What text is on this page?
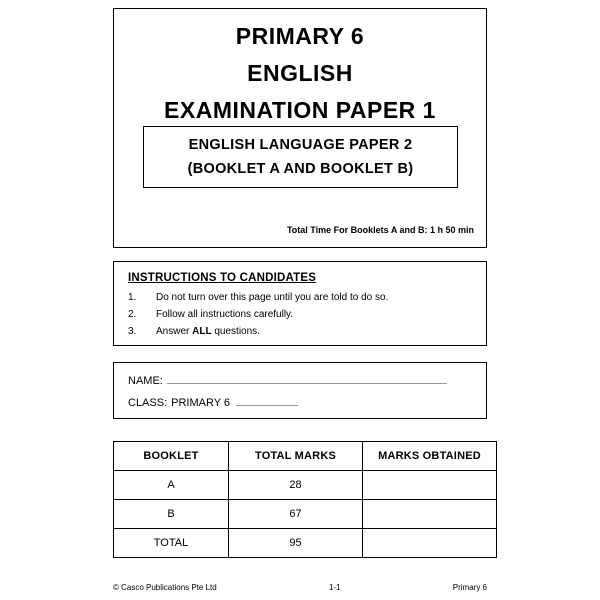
PRIMARY 6
ENGLISH
EXAMINATION PAPER 1
ENGLISH LANGUAGE PAPER 2
(BOOKLET A AND BOOKLET B)
Total Time For Booklets A and B: 1 h 50 min
INSTRUCTIONS TO CANDIDATES
1.	Do not turn over this page until you are told to do so.
2.	Follow all instructions carefully.
3.	Answer ALL questions.
NAME:
CLASS: PRIMARY 6
BOOKLET	TOTAL MARKS	MARKS OBTAINED
A	28	
B	67	
TOTAL	95	
© Casco Publications Pte Ltd	1-1	Primary 6
